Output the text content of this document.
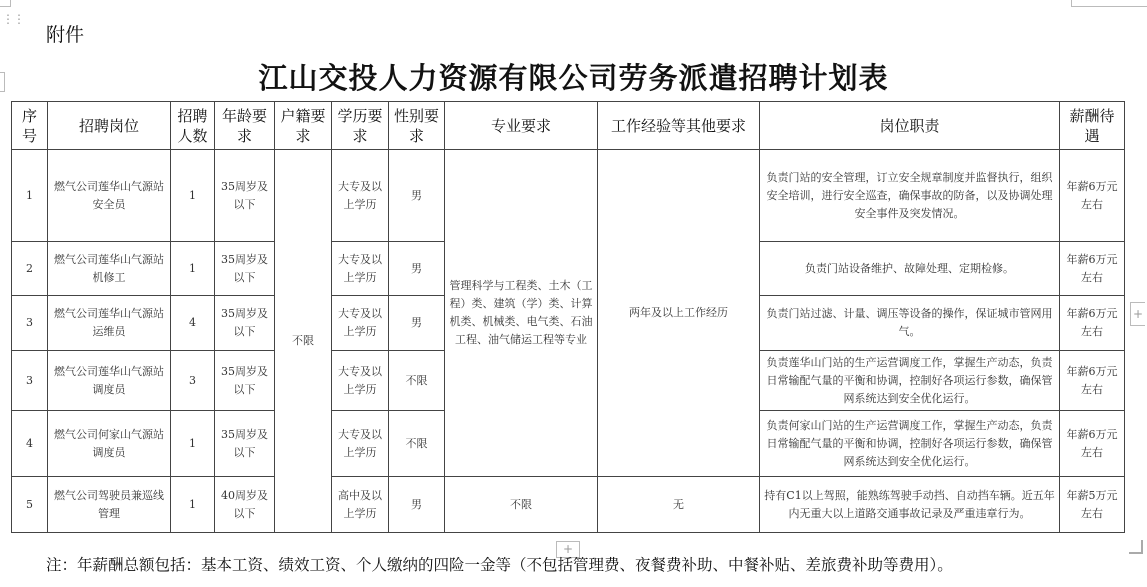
⋮⋮
+
+
附件
江山交投人力资源有限公司劳务派遣招聘计划表
序号	招聘岗位	招聘人数	年龄要求	户籍要求	学历要求	性别要求	专业要求	工作经验等其他要求	岗位职责	薪酬待遇
1	燃气公司莲华山气源站安全员	1	35周岁及以下	不限	大专及以上学历	男	管理科学与工程类、土木（工程）类、建筑（学）类、计算机类、机械类、电气类、石油工程、油气储运工程等专业	两年及以上工作经历	负责门站的安全管理，订立安全规章制度并监督执行，组织安全培训，进行安全巡查，确保事故的防备，以及协调处理安全事件及突发情况。	年薪6万元左右
2	燃气公司莲华山气源站机修工	1	35周岁及以下		大专及以上学历	男			负责门站设备维护、故障处理、定期检修。	年薪6万元左右
3	燃气公司莲华山气源站运维员	4	35周岁及以下		大专及以上学历	男			负责门站过滤、计量、调压等设备的操作，保证城市管网用气。	年薪6万元左右
3	燃气公司莲华山气源站调度员	3	35周岁及以下		大专及以上学历	不限			负责莲华山门站的生产运营调度工作，掌握生产动态，负责日常输配气量的平衡和协调，控制好各项运行参数，确保管网系统达到安全优化运行。	年薪6万元左右
4	燃气公司何家山气源站调度员	1	35周岁及以下		大专及以上学历	不限			负责何家山门站的生产运营调度工作，掌握生产动态，负责日常输配气量的平衡和协调，控制好各项运行参数，确保管网系统达到安全优化运行。	年薪6万元左右
5	燃气公司驾驶员兼巡线管理	1	40周岁及以下		高中及以上学历	男	不限	无	持有C1以上驾照，能熟练驾驶手动挡、自动挡车辆。近五年内无重大以上道路交通事故记录及严重违章行为。	年薪5万元左右
注：年薪酬总额包括：基本工资、绩效工资、个人缴纳的四险一金等（不包括管理费、夜餐费补助、中餐补贴、差旅费补助等费用）。
